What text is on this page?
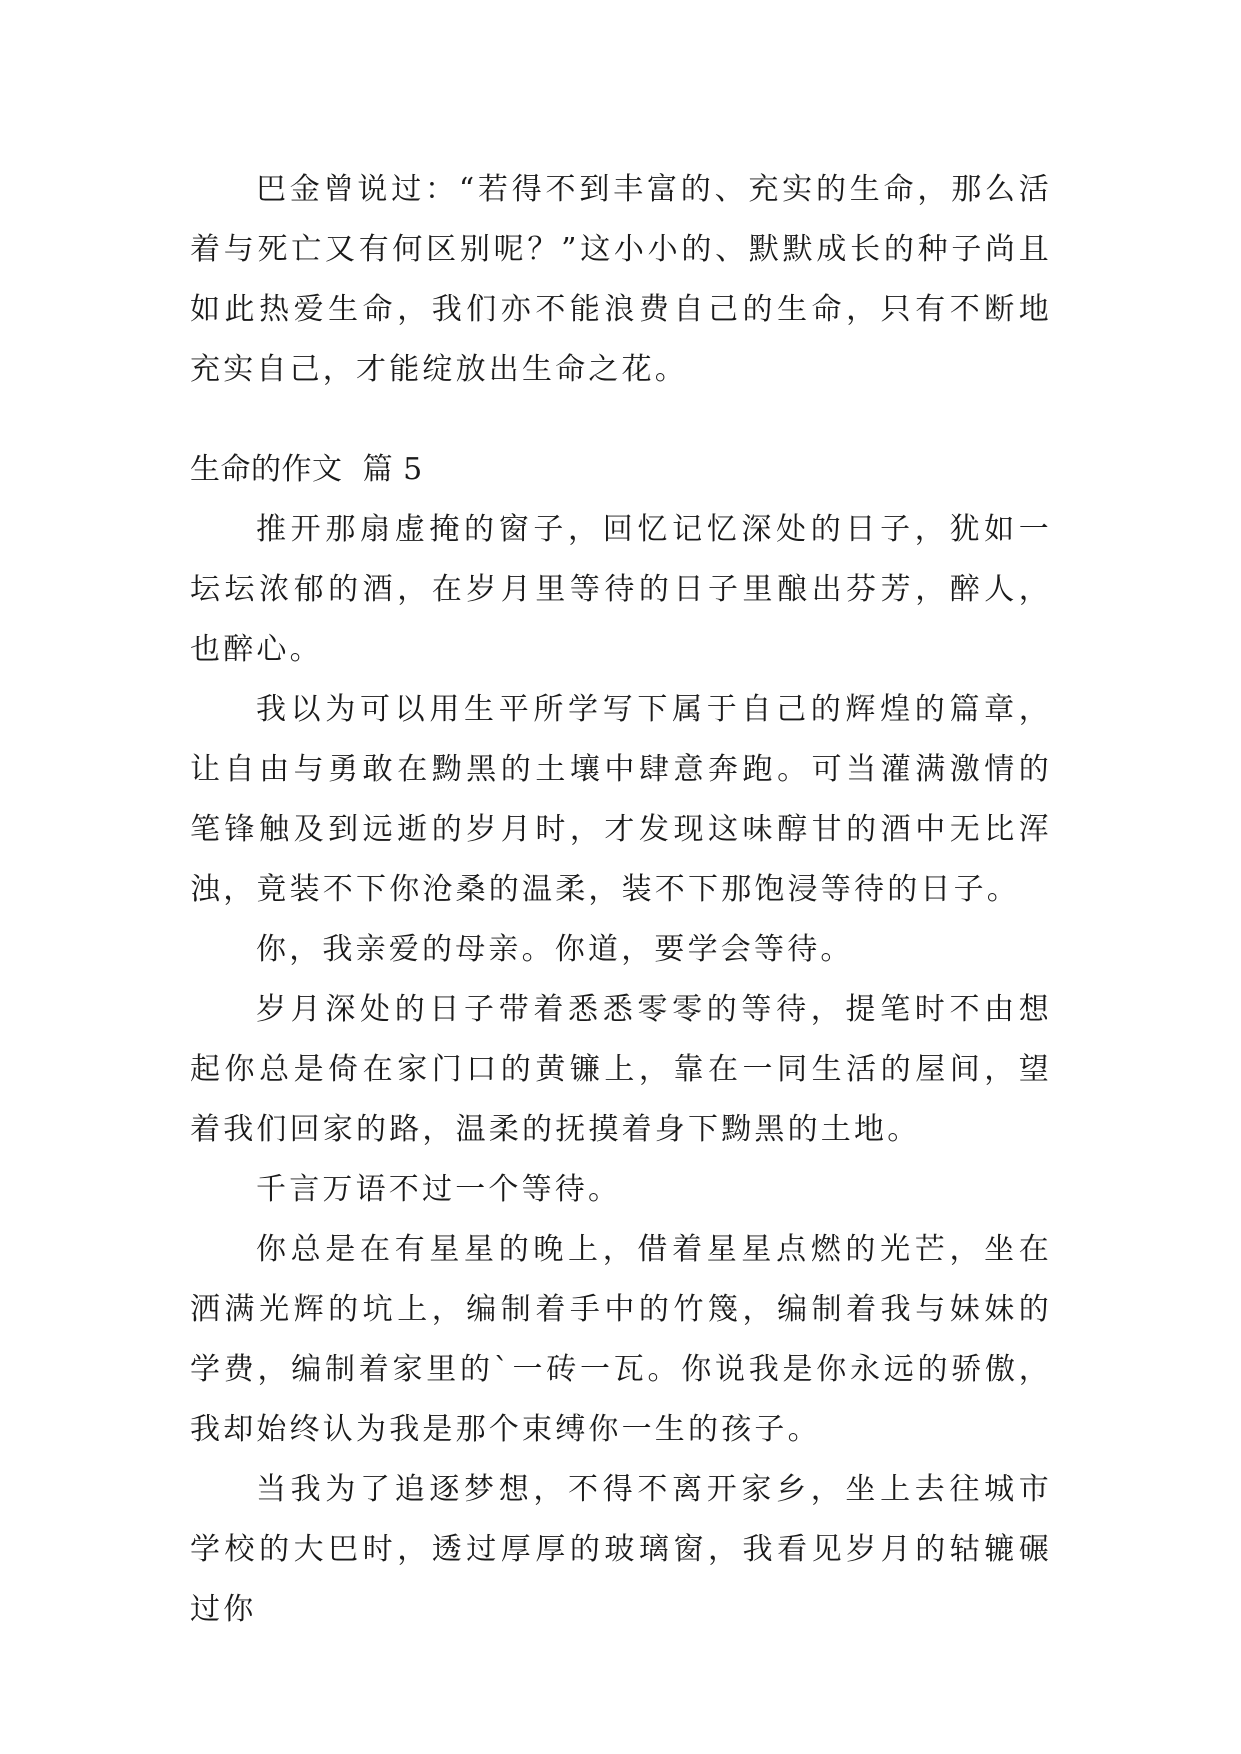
巴金曾说过：“若得不到丰富的、充实的生命，那么活着与死亡又有何区别呢？”这小小的、默默成长的种子尚且如此热爱生命，我们亦不能浪费自己的生命，只有不断地充实自己，才能绽放出生命之花。

生命的作文 篇 5

推开那扇虚掩的窗子，回忆记忆深处的日子，犹如一坛坛浓郁的酒，在岁月里等待的日子里酿出芬芳，醉人，也醉心。

我以为可以用生平所学写下属于自己的辉煌的篇章，让自由与勇敢在黝黑的土壤中肆意奔跑。可当灌满激情的笔锋触及到远逝的岁月时，才发现这味醇甘的酒中无比浑浊，竟装不下你沧桑的温柔，装不下那饱浸等待的日子。

你，我亲爱的母亲。你道，要学会等待。

岁月深处的日子带着悉悉零零的等待，提笔时不由想起你总是倚在家门口的黄镰上，靠在一同生活的屋间，望着我们回家的路，温柔的抚摸着身下黝黑的土地。

千言万语不过一个等待。

你总是在有星星的晚上，借着星星点燃的光芒，坐在洒满光辉的坑上，编制着手中的竹篾，编制着我与妹妹的学费，编制着家里的`一砖一瓦。你说我是你永远的骄傲，我却始终认为我是那个束缚你一生的孩子。

当我为了追逐梦想，不得不离开家乡，坐上去往城市学校的大巴时，透过厚厚的玻璃窗，我看见岁月的轱辘碾过你
